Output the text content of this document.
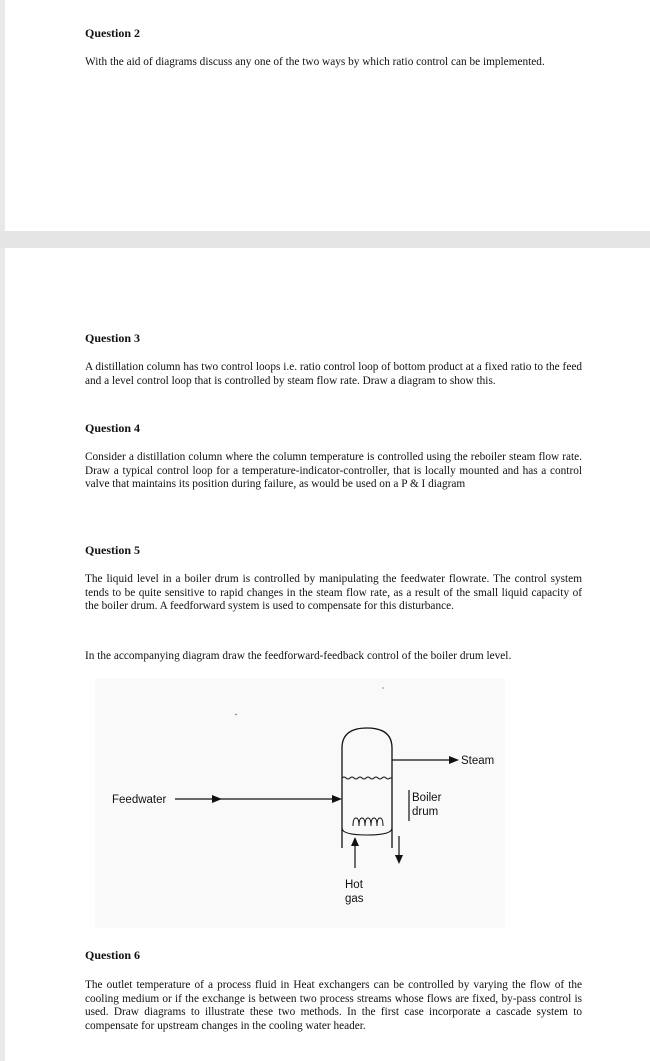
Question 2

With the aid of diagrams discuss any one of the two ways by which ratio control can be implemented.

Question 3

A distillation column has two control loops i.e. ratio control loop of bottom product at a fixed ratio to the feed and a level control loop that is controlled by steam flow rate. Draw a diagram to show this.

Question 4

Consider a distillation column where the column temperature is controlled using the reboiler steam flow rate. Draw a typical control loop for a temperature-indicator-controller, that is locally mounted and has a control valve that maintains its position during failure, as would be used on a P & I diagram

Question 5

The liquid level in a boiler drum is controlled by manipulating the feedwater flowrate. The control system tends to be quite sensitive to rapid changes in the steam flow rate, as a result of the small liquid capacity of the boiler drum. A feedforward system is used to compensate for this disturbance.

In the accompanying diagram draw the feedforward-feedback control of the boiler drum level.

Steam
Feedwater	Boiler
drum
Hot
gas
Question 6

The outlet temperature of a process fluid in Heat exchangers can be controlled by varying the flow of the cooling medium or if the exchange is between two process streams whose flows are fixed, by-pass control is used. Draw diagrams to illustrate these two methods. In the first case incorporate a cascade system to compensate for upstream changes in the cooling water header.
